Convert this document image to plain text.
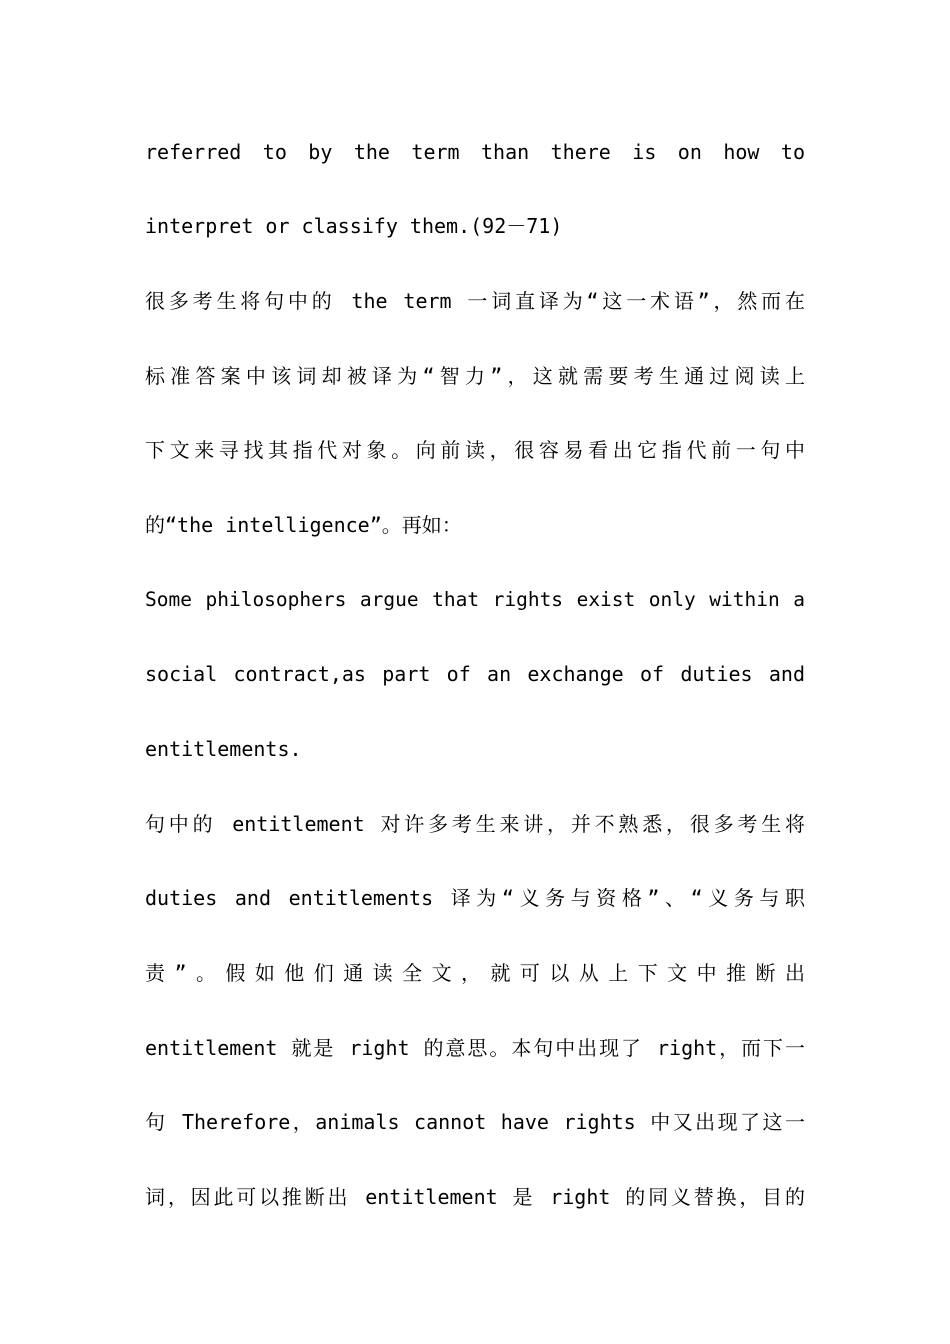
referred to by the term than there is on how to
interpret or classify them.(92－71)
很多考生将句中的 the term 一词直译为“这一术语”，然而在
标准答案中该词却被译为“智力”，这就需要考生通过阅读上
下文来寻找其指代对象。向前读，很容易看出它指代前一句中
的“the intelligence”。再如：
Some philosophers argue that rights exist only within a
social contract,as part of an exchange of duties and
entitlements.
句中的 entitlement 对许多考生来讲，并不熟悉，很多考生将
duties and entitlements 译为“义务与资格”、“义务与职
责”。假如他们通读全文，就可以从上下文中推断出
entitlement 就是 right 的意思。本句中出现了 right，而下一
句 Therefore，animals cannot have rights 中又出现了这一
词，因此可以推断出 entitlement 是 right 的同义替换，目的
